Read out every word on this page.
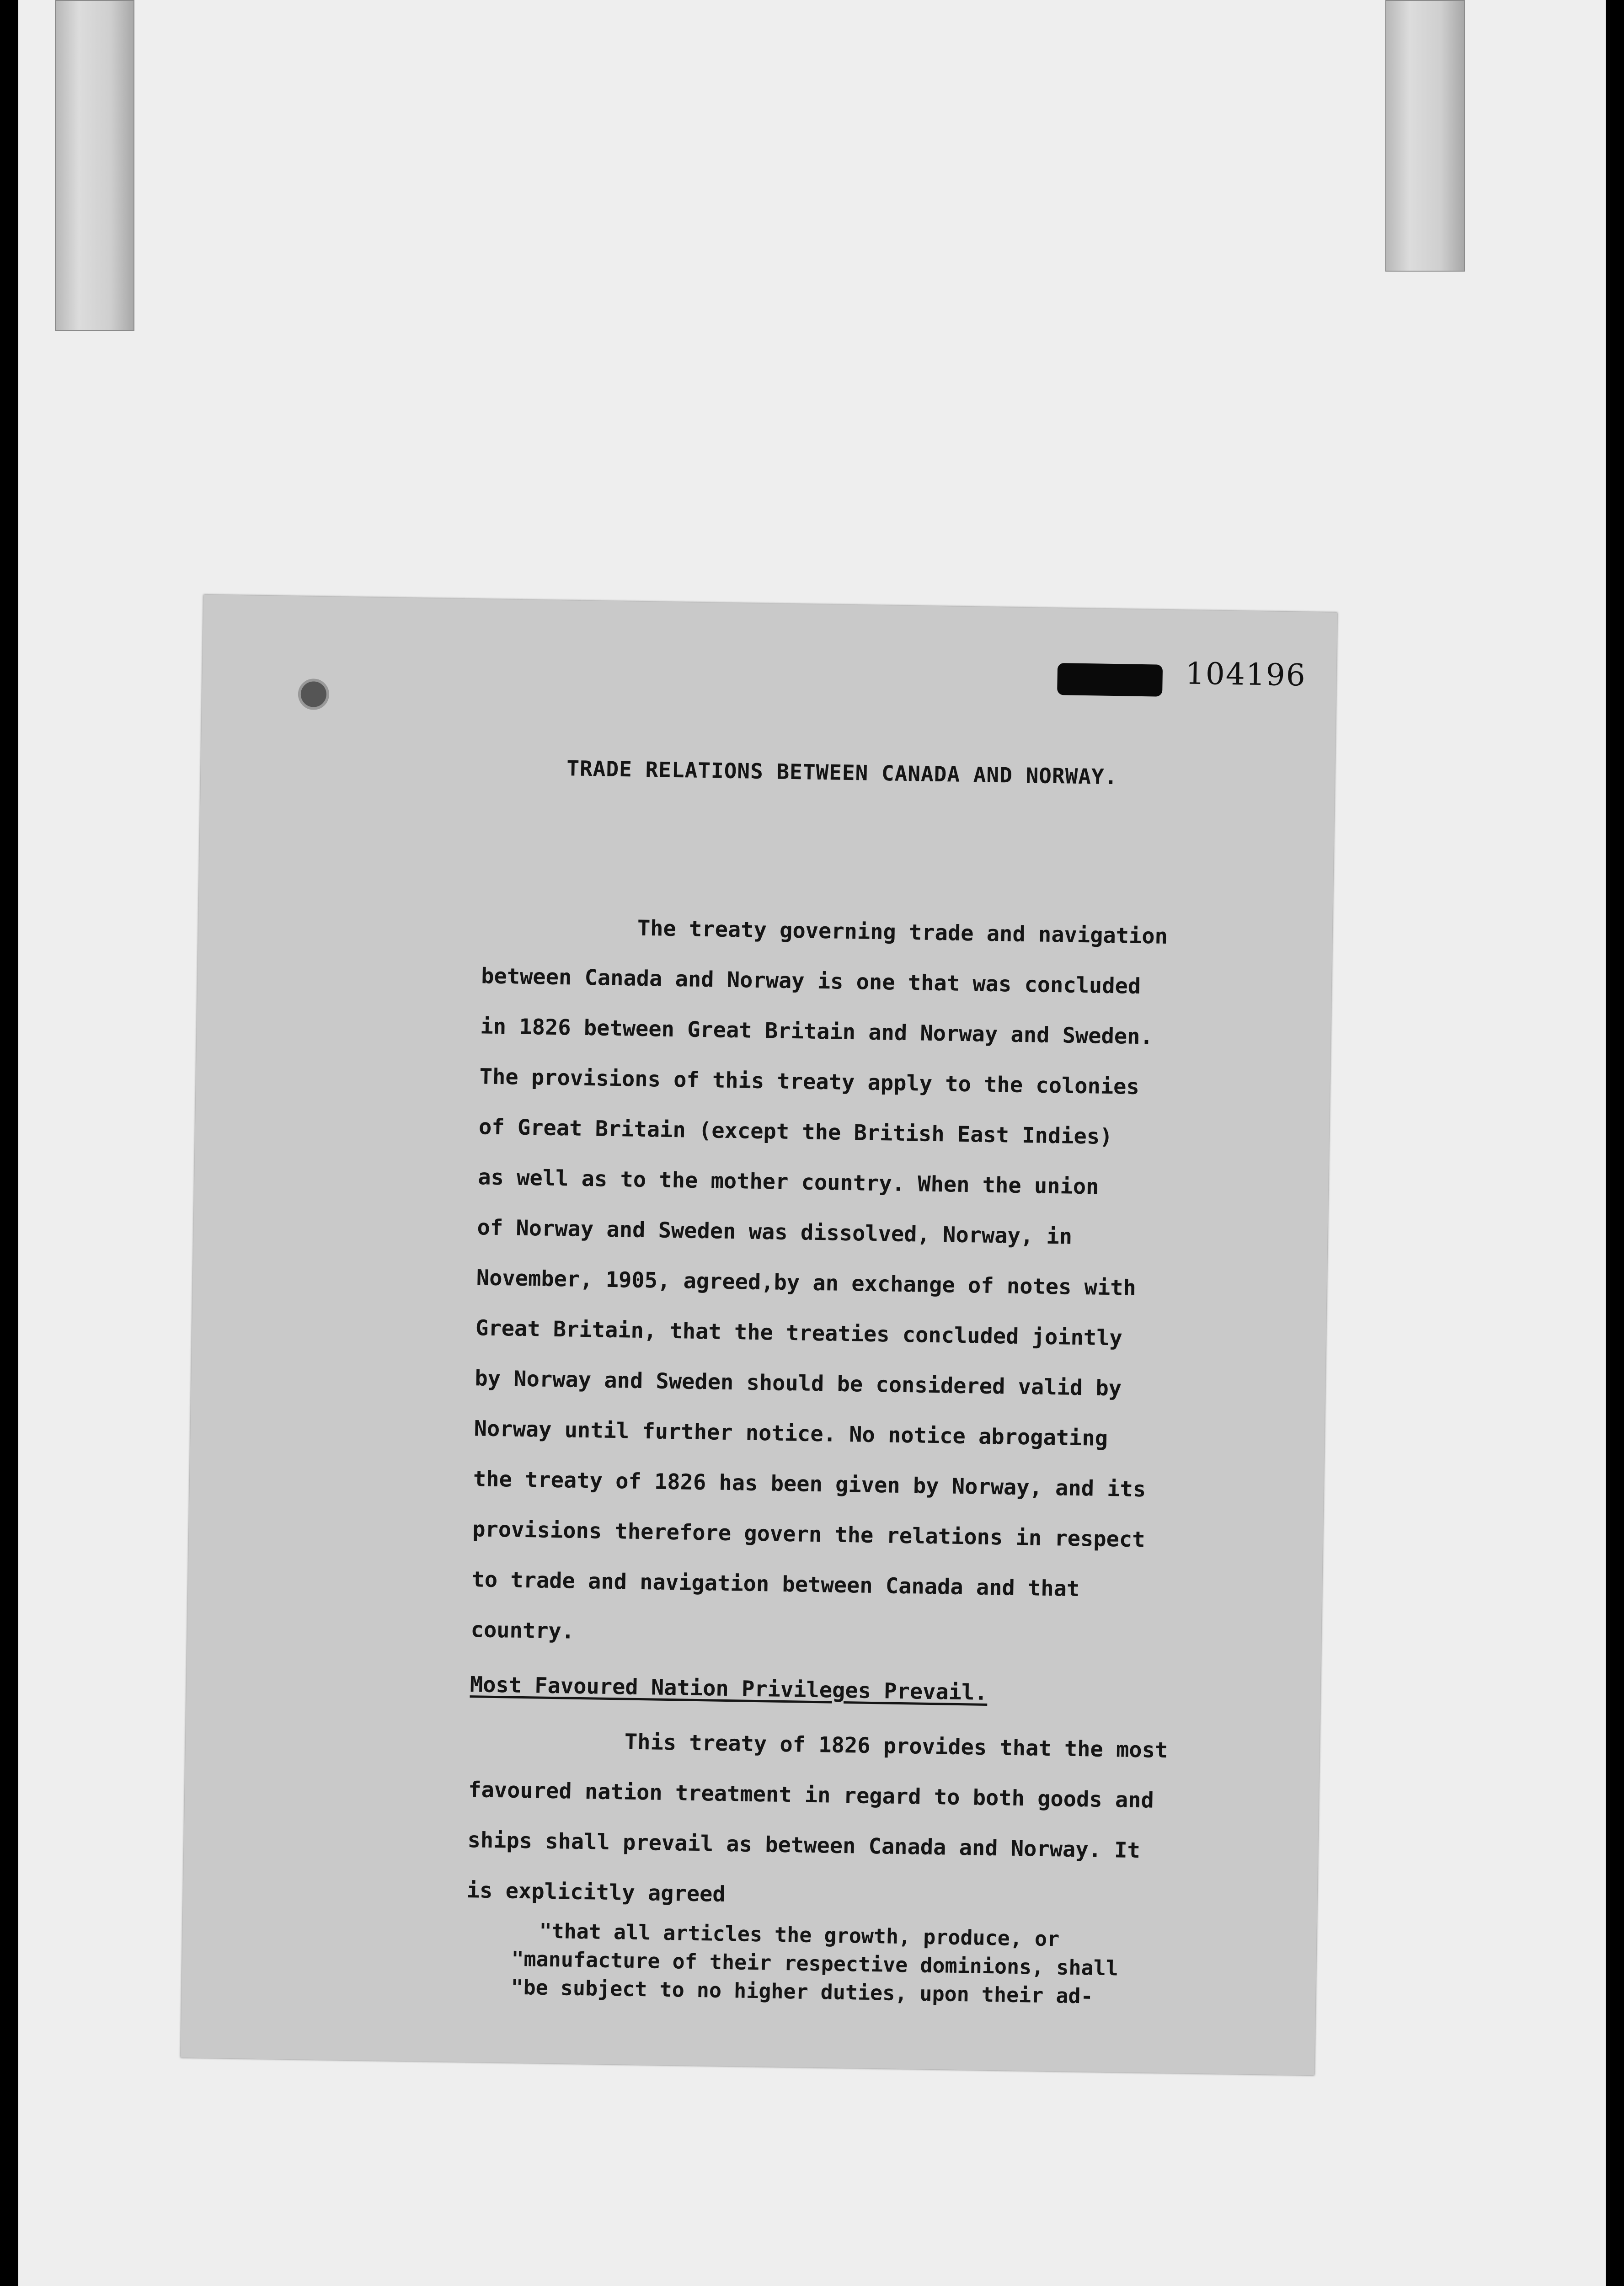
104196
TRADE RELATIONS BETWEEN CANADA AND NORWAY.
The treaty governing trade and navigation
between Canada and Norway is one that was concluded
in 1826 between Great Britain and Norway and Sweden.
The provisions of this treaty apply to the colonies
of Great Britain (except the British East Indies)
as well as to the mother country. When the union
of Norway and Sweden was dissolved, Norway, in
November, 1905, agreed,by an exchange of notes with
Great Britain, that the treaties concluded jointly
by Norway and Sweden should be considered valid by
Norway until further notice. No notice abrogating
the treaty of 1826 has been given by Norway, and its
provisions therefore govern the relations in respect
to trade and navigation between Canada and that
country.
Most Favoured Nation Privileges Prevail.
This treaty of 1826 provides that the most
favoured nation treatment in regard to both goods and
ships shall prevail as between Canada and Norway. It
is explicitly agreed
"that all articles the growth, produce, or
"manufacture of their respective dominions, shall
"be subject to no higher duties, upon their ad-
